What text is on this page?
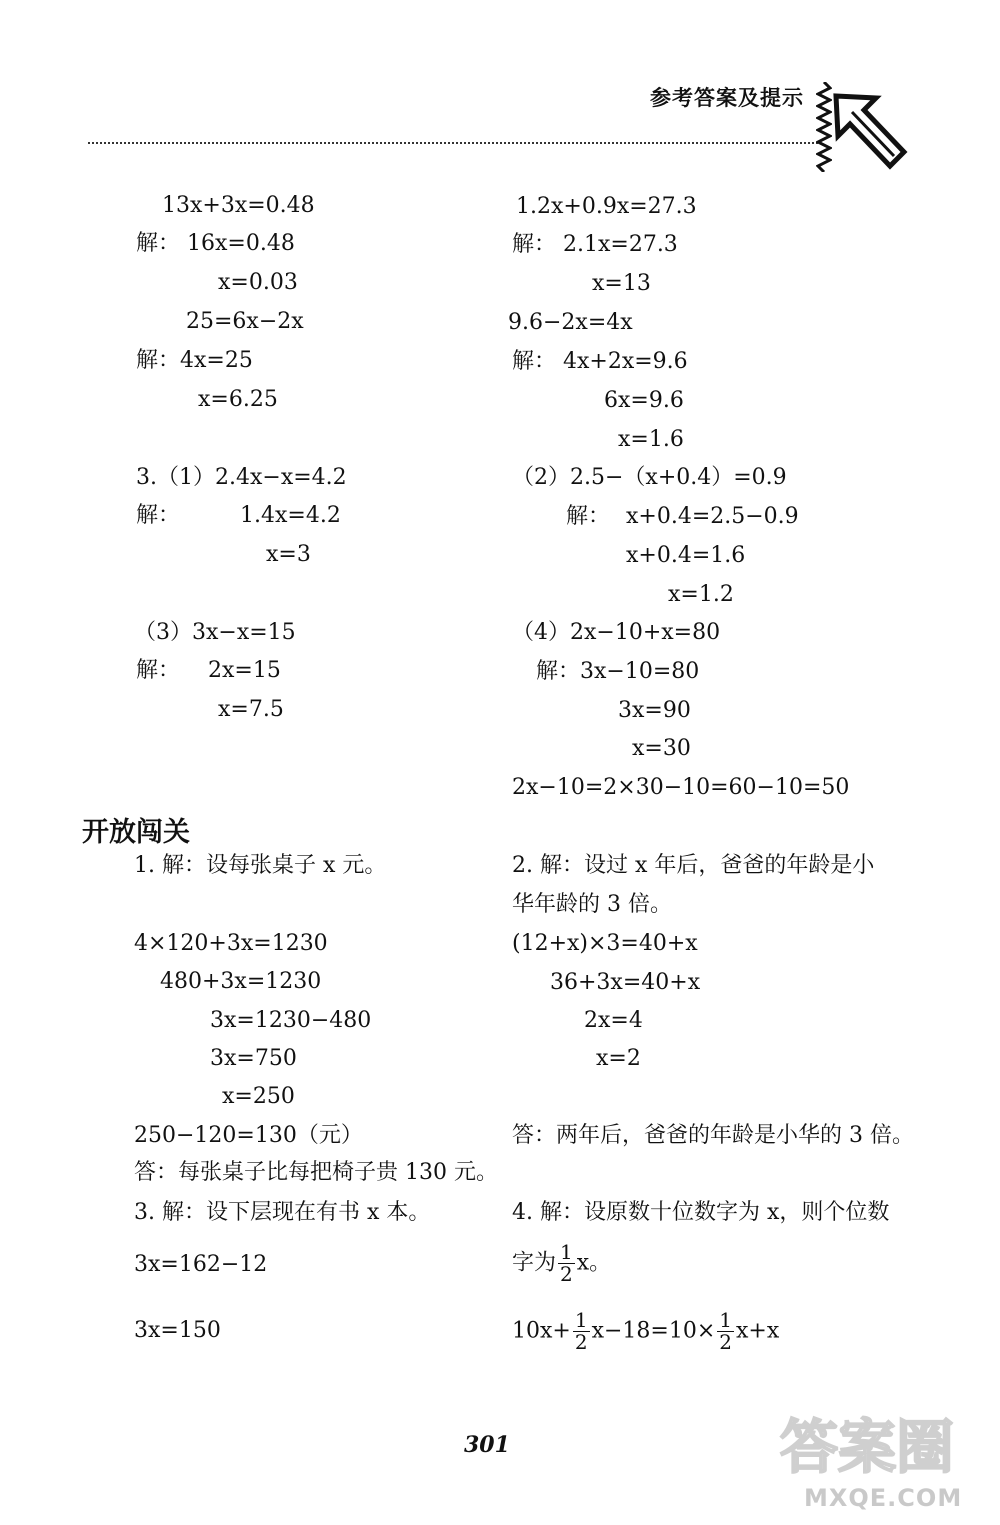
参考答案及提示
13x+3x=0.48
解： 16x=0.48
x=0.03
25=6x−2x
解：4x=25
x=6.25
1.2x+0.9x=27.3
解： 2.1x=27.3
x=13
9.6−2x=4x
解： 4x+2x=9.6
6x=9.6
x=1.6
3.（1）2.4x−x=4.2
解：	1.4x=4.2
x=3
（2）2.5−（x+0.4）=0.9
解： x+0.4=2.5−0.9
x+0.4=1.6
x=1.2
（3）3x−x=15
解： 2x=15
x=7.5
（4）2x−10+x=80
解：3x−10=80
3x=90
x=30
2x−10=2×30−10=60−10=50
开放闯关
1. 解：设每张桌子 x 元。
4×120+3x=1230
480+3x=1230
3x=1230−480
3x=750
x=250
250−120=130（元）
答：每张桌子比每把椅子贵 130 元。
2. 解：设过 x 年后，爸爸的年龄是小
华年龄的 3 倍。
(12+x)×3=40+x
36+3x=40+x
2x=4
x=2
答：两年后，爸爸的年龄是小华的 3 倍。
3. 解：设下层现在有书 x 本。
3x=162−12
3x=150
4. 解：设原数十位数字为 x，则个位数
字为 $\frac{1}{2}$ x。
$10x+ \frac{1}{2} x-18=10\times \frac{1}{2} x+x$
301	答案圈
MXQE.COM
